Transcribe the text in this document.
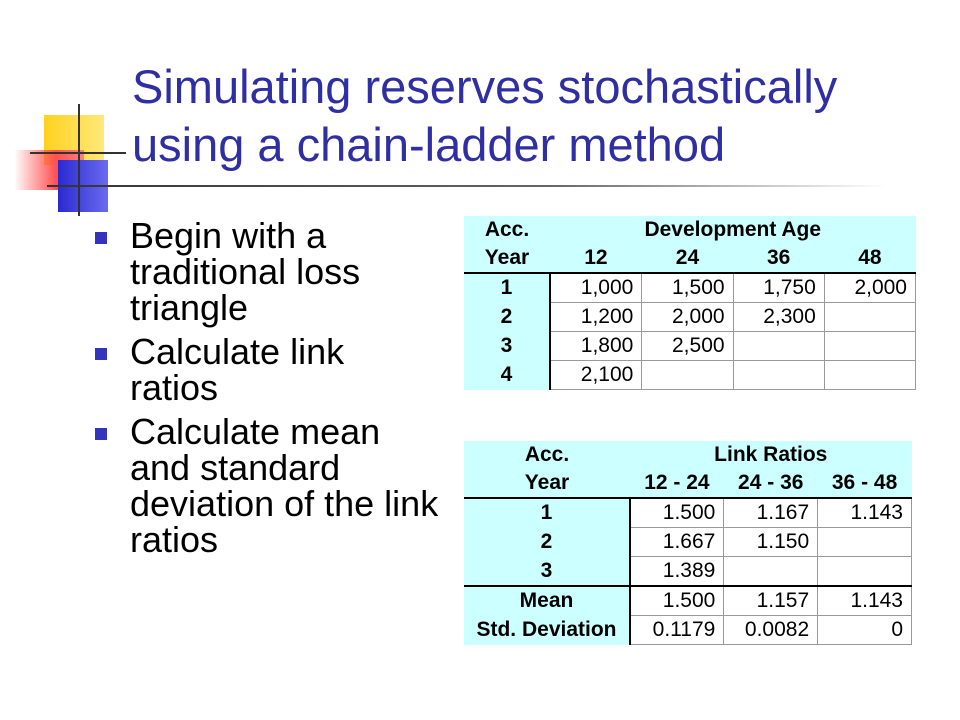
Simulating reserves stochastically
using a chain-ladder method
Begin with a traditional loss triangle
Calculate link ratios
Calculate mean and standard deviation of the link ratios
Acc.	Development Age			
Year	12	24	36	48
1	1,000	1,500	1,750	2,000
2	1,200	2,000	2,300	
3	1,800	2,500		
4	2,100			
Acc.	Link Ratios		
Year	12 - 24	24 - 36	36 - 48
1	1.500	1.167	1.143
2	1.667	1.150	
3	1.389		
Mean	1.500	1.157	1.143
Std. Deviation	0.1179	0.0082	0
